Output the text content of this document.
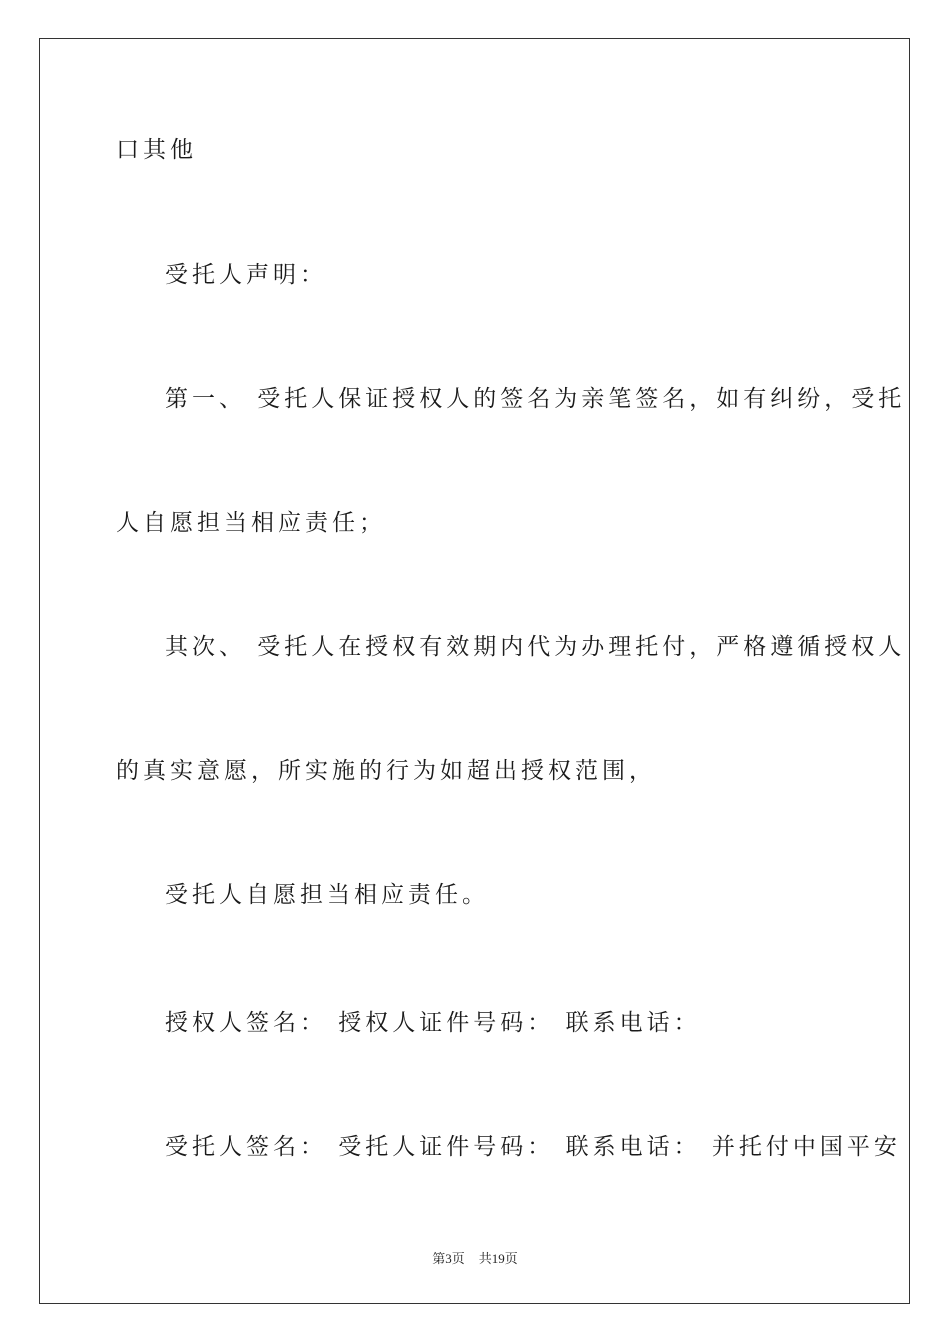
口其他
受托人声明：
第一、 受托人保证授权人的签名为亲笔签名，如有纠纷，受托
人自愿担当相应责任；
其次、 受托人在授权有效期内代为办理托付，严格遵循授权人
的真实意愿，所实施的行为如超出授权范围，
受托人自愿担当相应责任。
授权人签名： 授权人证件号码： 联系电话：
受托人签名： 受托人证件号码： 联系电话： 并托付中国平安
第3页 共19页
